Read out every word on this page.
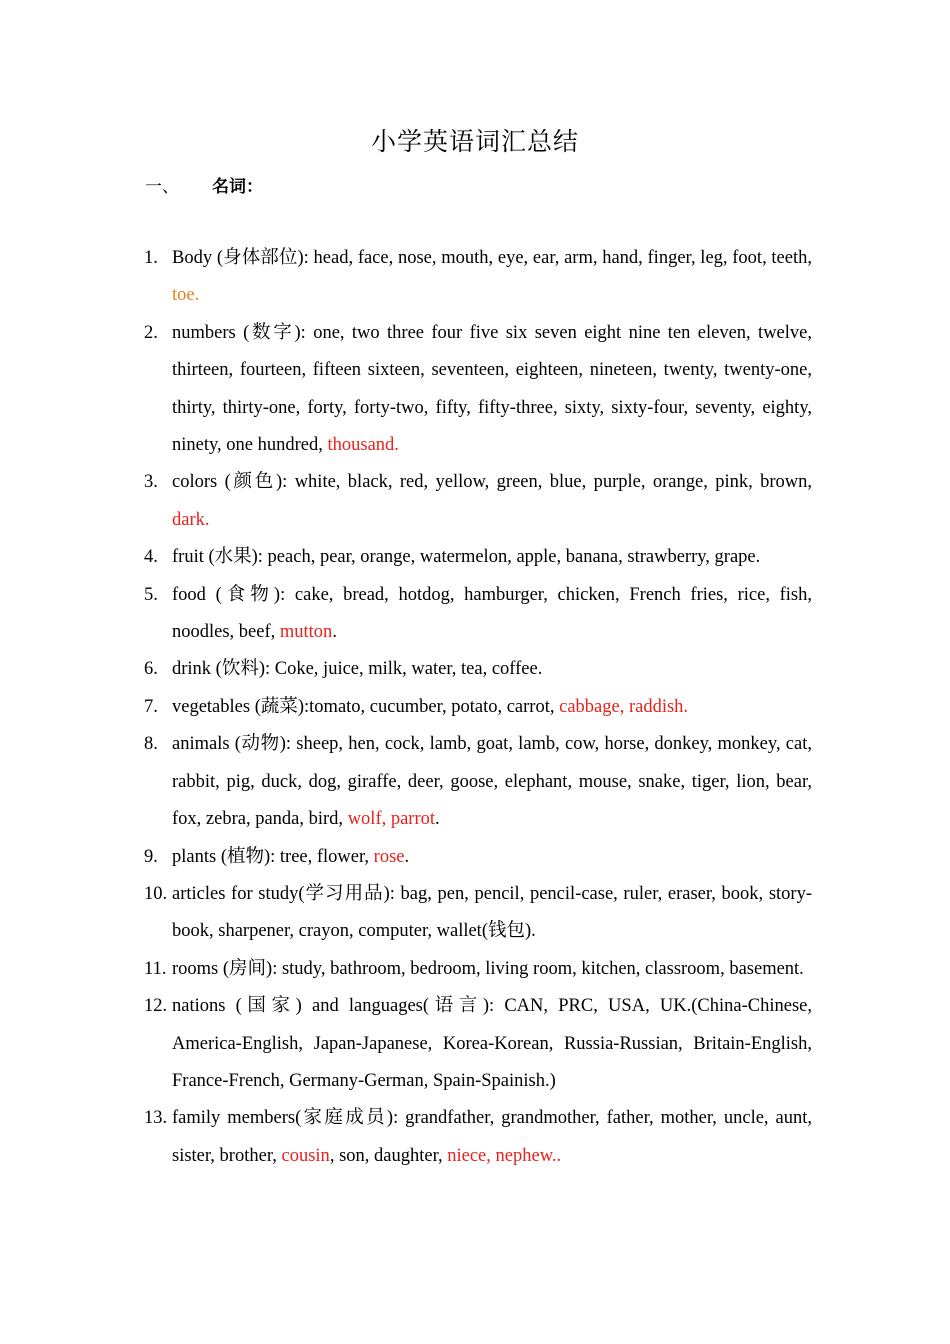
小学英语词汇总结
一、 名词：
1. Body (身体部位): head, face, nose, mouth, eye, ear, arm, hand, finger, leg, foot, teeth, toe.
2. numbers (数字): one, two three four five six seven eight nine ten eleven, twelve, thirteen, fourteen, fifteen sixteen, seventeen, eighteen, nineteen, twenty, twenty-one, thirty, thirty-one, forty, forty-two, fifty, fifty-three, sixty, sixty-four, seventy, eighty, ninety, one hundred, thousand.
3. colors (颜色): white, black, red, yellow, green, blue, purple, orange, pink, brown, dark.
4. fruit (水果): peach, pear, orange, watermelon, apple, banana, strawberry, grape.
5. food (食物): cake, bread, hotdog, hamburger, chicken, French fries, rice, fish, noodles, beef, mutton.
6. drink (饮料): Coke, juice, milk, water, tea, coffee.
7. vegetables (蔬菜):tomato, cucumber, potato, carrot, cabbage, raddish.
8. animals (动物): sheep, hen, cock, lamb, goat, lamb, cow, horse, donkey, monkey, cat, rabbit, pig, duck, dog, giraffe, deer, goose, elephant, mouse, snake, tiger, lion, bear, fox, zebra, panda, bird, wolf, parrot.
9. plants (植物): tree, flower, rose.
10. articles for study(学习用品): bag, pen, pencil, pencil-case, ruler, eraser, book, story-book, sharpener, crayon, computer, wallet(钱包).
11. rooms (房间): study, bathroom, bedroom, living room, kitchen, classroom, basement.
12. nations (国家) and languages(语言): CAN, PRC, USA, UK.(China-Chinese, America-English, Japan-Japanese, Korea-Korean, Russia-Russian, Britain-English, France-French, Germany-German, Spain-Spainish.)
13. family members(家庭成员): grandfather, grandmother, father, mother, uncle, aunt, sister, brother, cousin, son, daughter, niece, nephew..
